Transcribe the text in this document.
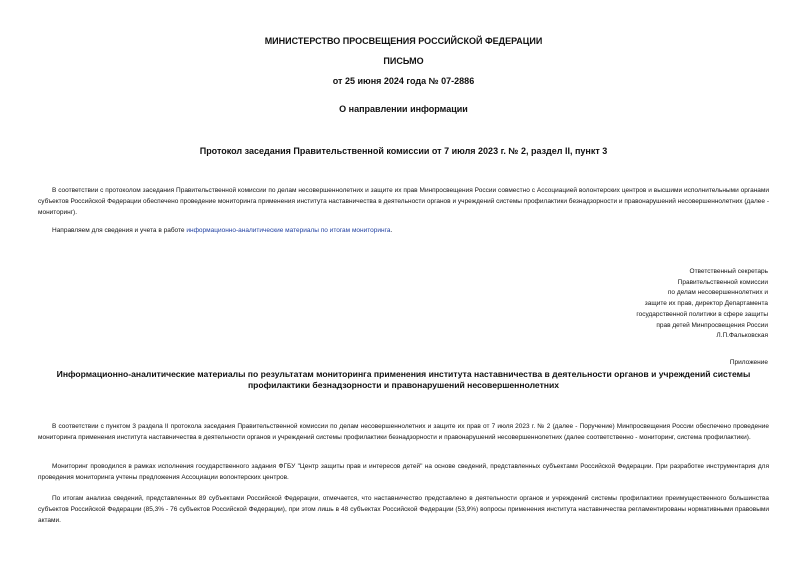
МИНИСТЕРСТВО ПРОСВЕЩЕНИЯ РОССИЙСКОЙ ФЕДЕРАЦИИ
ПИСЬМО
от 25 июня 2024 года № 07-2886
О направлении информации
Протокол заседания Правительственной комиссии от 7 июля 2023 г. № 2, раздел II, пункт 3
В соответствии с протоколом заседания Правительственной комиссии по делам несовершеннолетних и защите их прав Минпросвещения России совместно с Ассоциацией волонтерских центров и высшими исполнительными органами субъектов Российской Федерации обеспечено проведение мониторинга применения института наставничества в деятельности органов и учреждений системы профилактики безнадзорности и правонарушений несовершеннолетних (далее - мониторинг).
Направляем для сведения и учета в работе информационно-аналитические материалы по итогам мониторинга.
Ответственный секретарь
Правительственной комиссии
по делам несовершеннолетних и
защите их прав, директор Департамента
государственной политики в сфере защиты
прав детей Минпросвещения России
Л.П.Фальковская
Приложение
Информационно-аналитические материалы по результатам мониторинга применения института наставничества в деятельности органов и учреждений системы профилактики безнадзорности и правонарушений несовершеннолетних
В соответствии с пунктом 3 раздела II протокола заседания Правительственной комиссии по делам несовершеннолетних и защите их прав от 7 июля 2023 г. № 2 (далее - Поручение) Минпросвещения России обеспечено проведение мониторинга применения института наставничества в деятельности органов и учреждений системы профилактики безнадзорности и правонарушений несовершеннолетних (далее соответственно - мониторинг, система профилактики).
Мониторинг проводился в рамках исполнения государственного задания ФГБУ "Центр защиты прав и интересов детей" на основе сведений, представленных субъектами Российской Федерации. При разработке инструментария для проведения мониторинга учтены предложения Ассоциации волонтерских центров.
По итогам анализа сведений, представленных 89 субъектами Российской Федерации, отмечается, что наставничество представлено в деятельности органов и учреждений системы профилактики преимущественного большинства субъектов Российской Федерации (85,3% - 76 субъектов Российской Федерации), при этом лишь в 48 субъектах Российской Федерации (53,9%) вопросы применения института наставничества регламентированы нормативными правовыми актами.
